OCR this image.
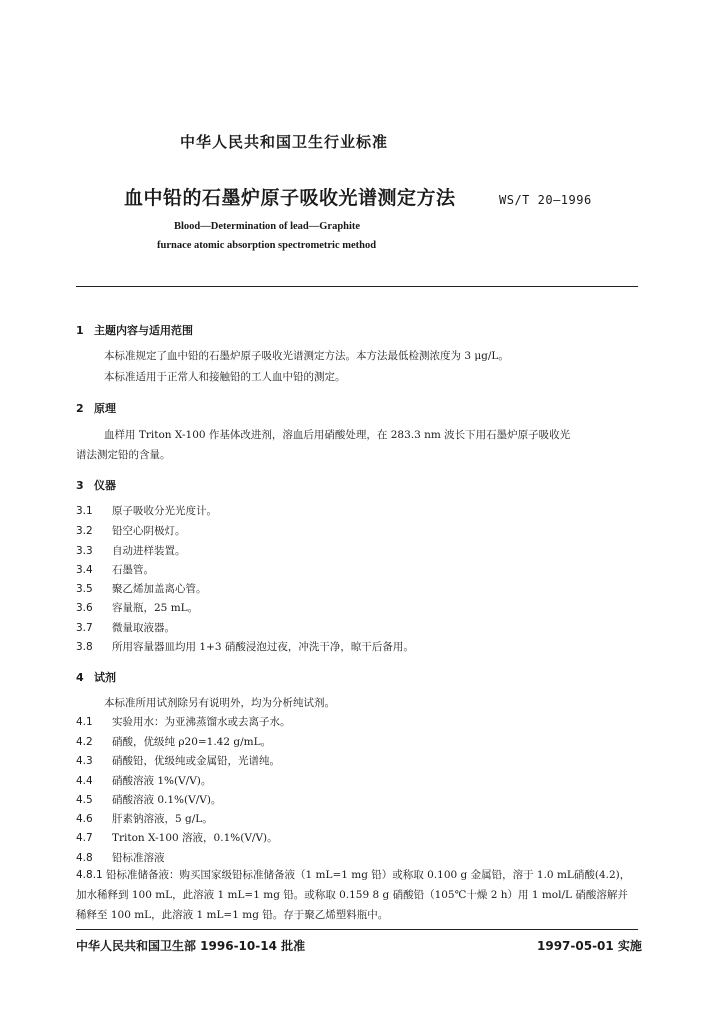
中华人民共和国卫生行业标准
血中铅的石墨炉原子吸收光谱测定方法	WS/T 20—1996
Blood—Determination of lead—Graphite
furnace atomic absorption spectrometric method
1 主题内容与适用范围
本标准规定了血中铅的石墨炉原子吸收光谱测定方法。本方法最低检测浓度为 3 μg/L。
本标准适用于正常人和接触铅的工人血中铅的测定。
2 原理
血样用 Triton X-100 作基体改进剂，溶血后用硝酸处理，在 283.3 nm 波长下用石墨炉原子吸收光
谱法测定铅的含量。
3 仪器
3.1 原子吸收分光光度计。
3.2 铅空心阴极灯。
3.3 自动进样装置。
3.4 石墨管。
3.5 聚乙烯加盖离心管。
3.6 容量瓶，25 mL。
3.7 微量取液器。
3.8 所用容量器皿均用 1+3 硝酸浸泡过夜，冲洗干净，晾干后备用。
4 试剂
本标准所用试剂除另有说明外，均为分析纯试剂。
4.1 实验用水：为亚沸蒸馏水或去离子水。
4.2 硝酸，优级纯 ρ20=1.42 g/mL。
4.3 硝酸铅，优级纯或金属铅，光谱纯。
4.4 硝酸溶液 1%(V/V)。
4.5 硝酸溶液 0.1%(V/V)。
4.6 肝素钠溶液，5 g/L。
4.7 Triton X-100 溶液，0.1%(V/V)。
4.8 铅标准溶液
4.8.1 铅标准储备液：购买国家级铅标准储备液（1 mL=1 mg 铅）或称取 0.100 g 金属铅，溶于 1.0 mL硝酸(4.2)，加水稀释到 100 mL，此溶液 1 mL=1 mg 铅。或称取 0.159 8 g 硝酸铅（105℃十燥 2 h）用 1 mol/L 硝酸溶解并稀释至 100 mL，此溶液 1 mL=1 mg 铅。存于聚乙烯塑料瓶中。
中华人民共和国卫生部 1996-10-14 批准	1997-05-01 实施
